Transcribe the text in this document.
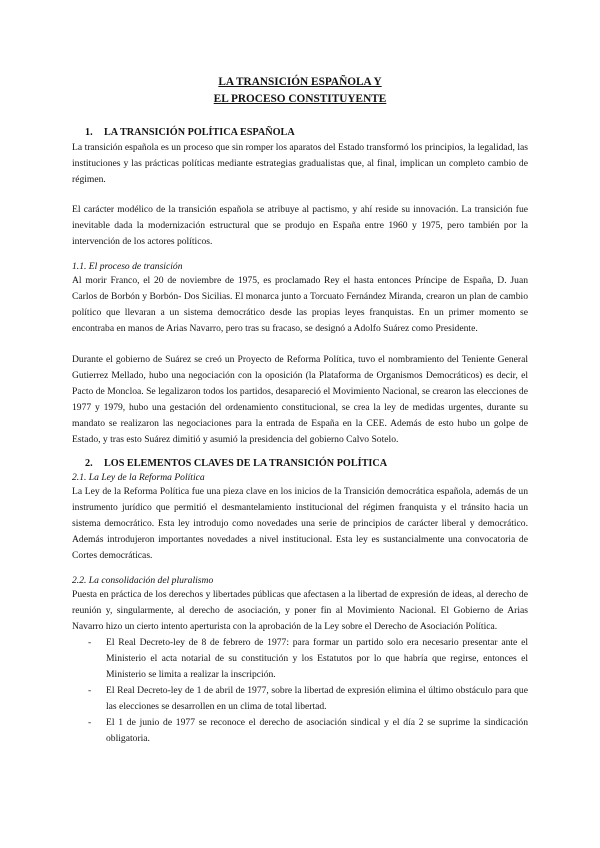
LA TRANSICIÓN ESPAÑOLA Y
EL PROCESO CONSTITUYENTE
1. LA TRANSICIÓN POLÍTICA ESPAÑOLA

La transición española es un proceso que sin romper los aparatos del Estado transformó los principios, la legalidad, las instituciones y las prácticas políticas mediante estrategias gradualistas que, al final, implican un completo cambio de régimen.

El carácter modélico de la transición española se atribuye al pactismo, y ahí reside su innovación. La transición fue inevitable dada la modernización estructural que se produjo en España entre 1960 y 1975, pero también por la intervención de los actores políticos.

1.1. El proceso de transición

Al morir Franco, el 20 de noviembre de 1975, es proclamado Rey el hasta entonces Príncipe de España, D. Juan Carlos de Borbón y Borbón- Dos Sicilias. El monarca junto a Torcuato Fernández Miranda, crearon un plan de cambio político que llevaran a un sistema democrático desde las propias leyes franquistas. En un primer momento se encontraba en manos de Arias Navarro, pero tras su fracaso, se designó a Adolfo Suárez como Presidente.

Durante el gobierno de Suárez se creó un Proyecto de Reforma Política, tuvo el nombramiento del Teniente General Gutierrez Mellado, hubo una negociación con la oposición (la Plataforma de Organismos Democráticos) es decir, el Pacto de Moncloa. Se legalizaron todos los partidos, desapareció el Movimiento Nacional, se crearon las elecciones de 1977 y 1979, hubo una gestación del ordenamiento constitucional, se crea la ley de medidas urgentes, durante su mandato se realizaron las negociaciones para la entrada de España en la CEE. Además de esto hubo un golpe de Estado, y tras esto Suárez dimitió y asumió la presidencia del gobierno Calvo Sotelo.

2. LOS ELEMENTOS CLAVES DE LA TRANSICIÓN POLÍTICA
2.1. La Ley de la Reforma Política

La Ley de la Reforma Política fue una pieza clave en los inicios de la Transición democrática española, además de un instrumento jurídico que permitió el desmantelamiento institucional del régimen franquista y el tránsito hacia un sistema democrático. Esta ley introdujo como novedades una serie de principios de carácter liberal y democrático. Además introdujeron importantes novedades a nivel institucional. Esta ley es sustancialmente una convocatoria de Cortes democráticas.

2.2. La consolidación del pluralismo

Puesta en práctica de los derechos y libertades públicas que afectasen a la libertad de expresión de ideas, al derecho de reunión y, singularmente, al derecho de asociación, y poner fin al Movimiento Nacional. El Gobierno de Arias Navarro hizo un cierto intento aperturista con la aprobación de la Ley sobre el Derecho de Asociación Política.

- El Real Decreto-ley de 8 de febrero de 1977: para formar un partido solo era necesario presentar ante el Ministerio el acta notarial de su constitución y los Estatutos por lo que habría que regirse, entonces el Ministerio se limita a realizar la inscripción.
- El Real Decreto-ley de 1 de abril de 1977, sobre la libertad de expresión elimina el último obstáculo para que las elecciones se desarrollen en un clima de total libertad.
- El 1 de junio de 1977 se reconoce el derecho de asociación sindical y el día 2 se suprime la sindicación obligatoria.
